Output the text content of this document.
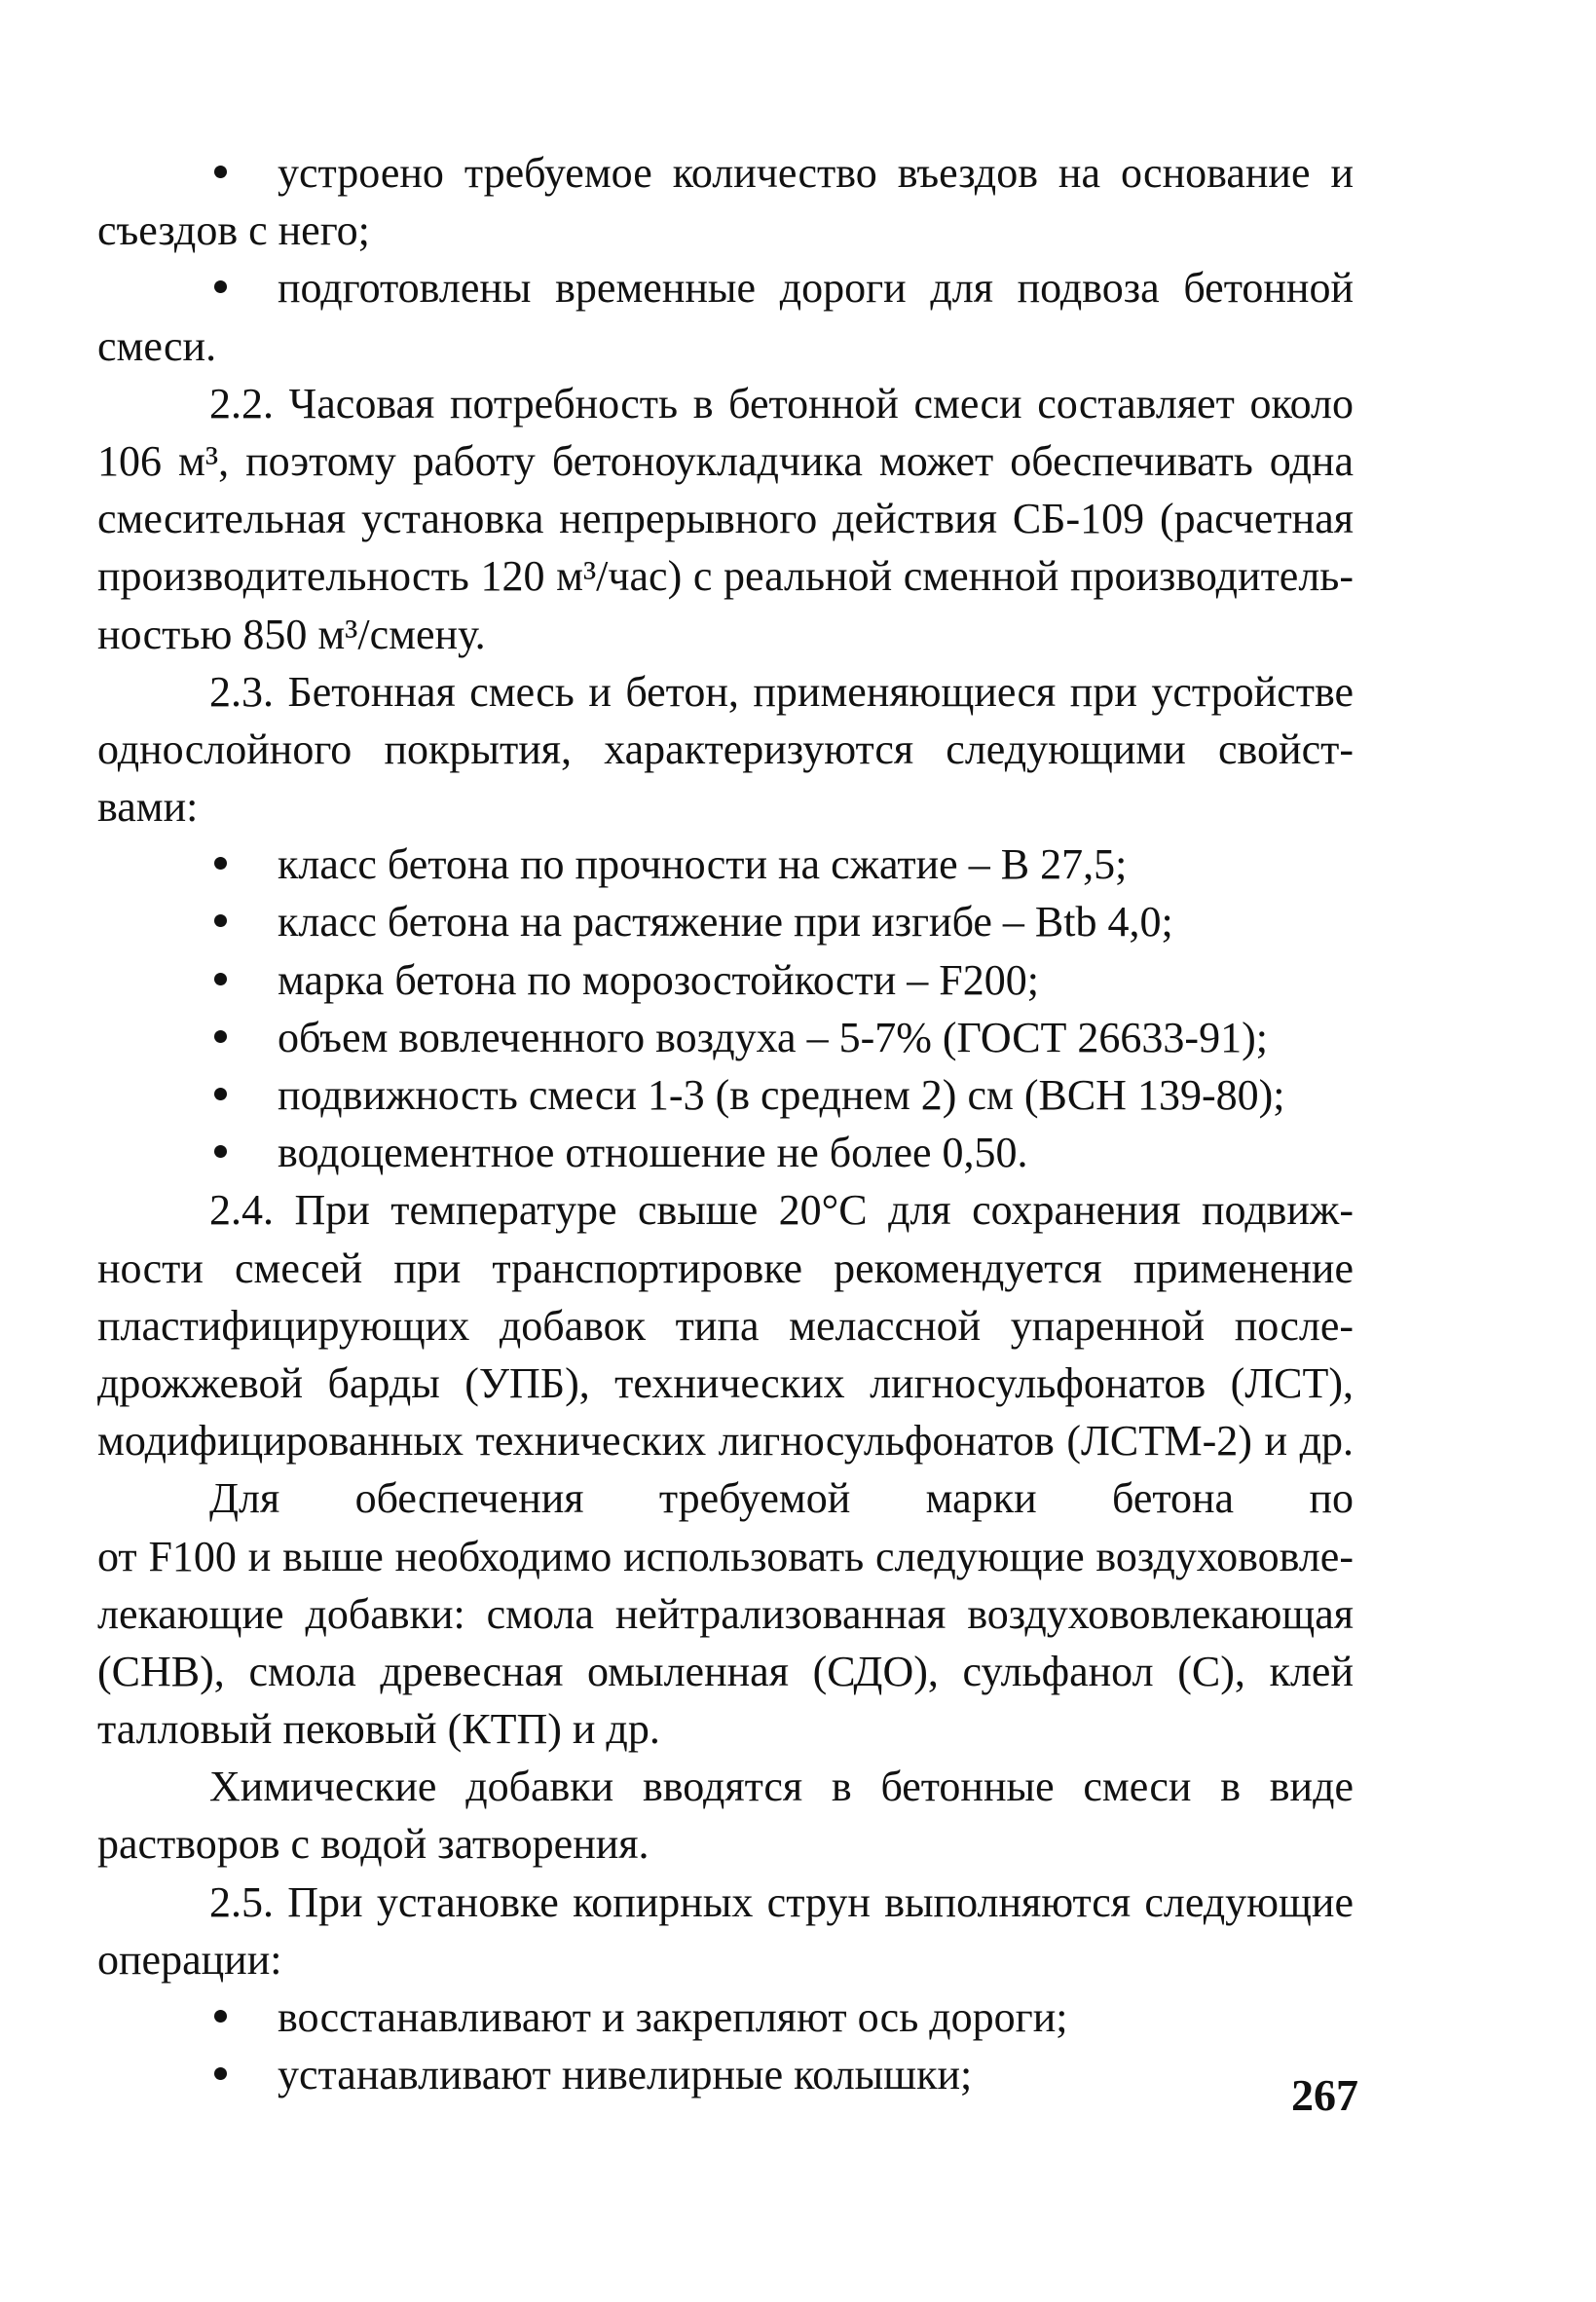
устроено требуемое количество въездов на основание и
съездов с него;
подготовлены временные дороги для подвоза бетонной
смеси.
2.2. Часовая потребность в бетонной смеси составляет около
106 м³, поэтому работу бетоноукладчика может обеспечивать одна
смесительная установка непрерывного действия СБ-109 (расчетная
производительность 120 м³/час) с реальной сменной производитель-
ностью 850 м³/смену.
2.3. Бетонная смесь и бетон, применяющиеся при устройстве
однослойного покрытия, характеризуются следующими свойст-
вами:
класс бетона по прочности на сжатие – В 27,5;
класс бетона на растяжение при изгибе – Btb 4,0;
марка бетона по морозостойкости – F200;
объем вовлеченного воздуха – 5-7% (ГОСТ 26633-91);
подвижность смеси 1-3 (в среднем 2) см (ВСН 139-80);
водоцементное отношение не более 0,50.
2.4. При температуре свыше 20°С для сохранения подвиж-
ности смесей при транспортировке рекомендуется применение
пластифицирующих добавок типа мелассной упаренной после-
дрожжевой барды (УПБ), технических лигносульфонатов (ЛСТ),
модифицированных технических лигносульфонатов (ЛСТМ-2) и др.
Для обеспечения требуемой марки бетона по
от F100 и выше необходимо использовать следующие воздухововле-
лекающие добавки: смола нейтрализованная воздухововлекающая
(СНВ), смола древесная омыленная (СДО), сульфанол (С), клей
талловый пековый (КТП) и др.
Химические добавки вводятся в бетонные смеси в виде
растворов с водой затворения.
2.5. При установке копирных струн выполняются следующие
операции:
восстанавливают и закрепляют ось дороги;
устанавливают нивелирные колышки;	267
